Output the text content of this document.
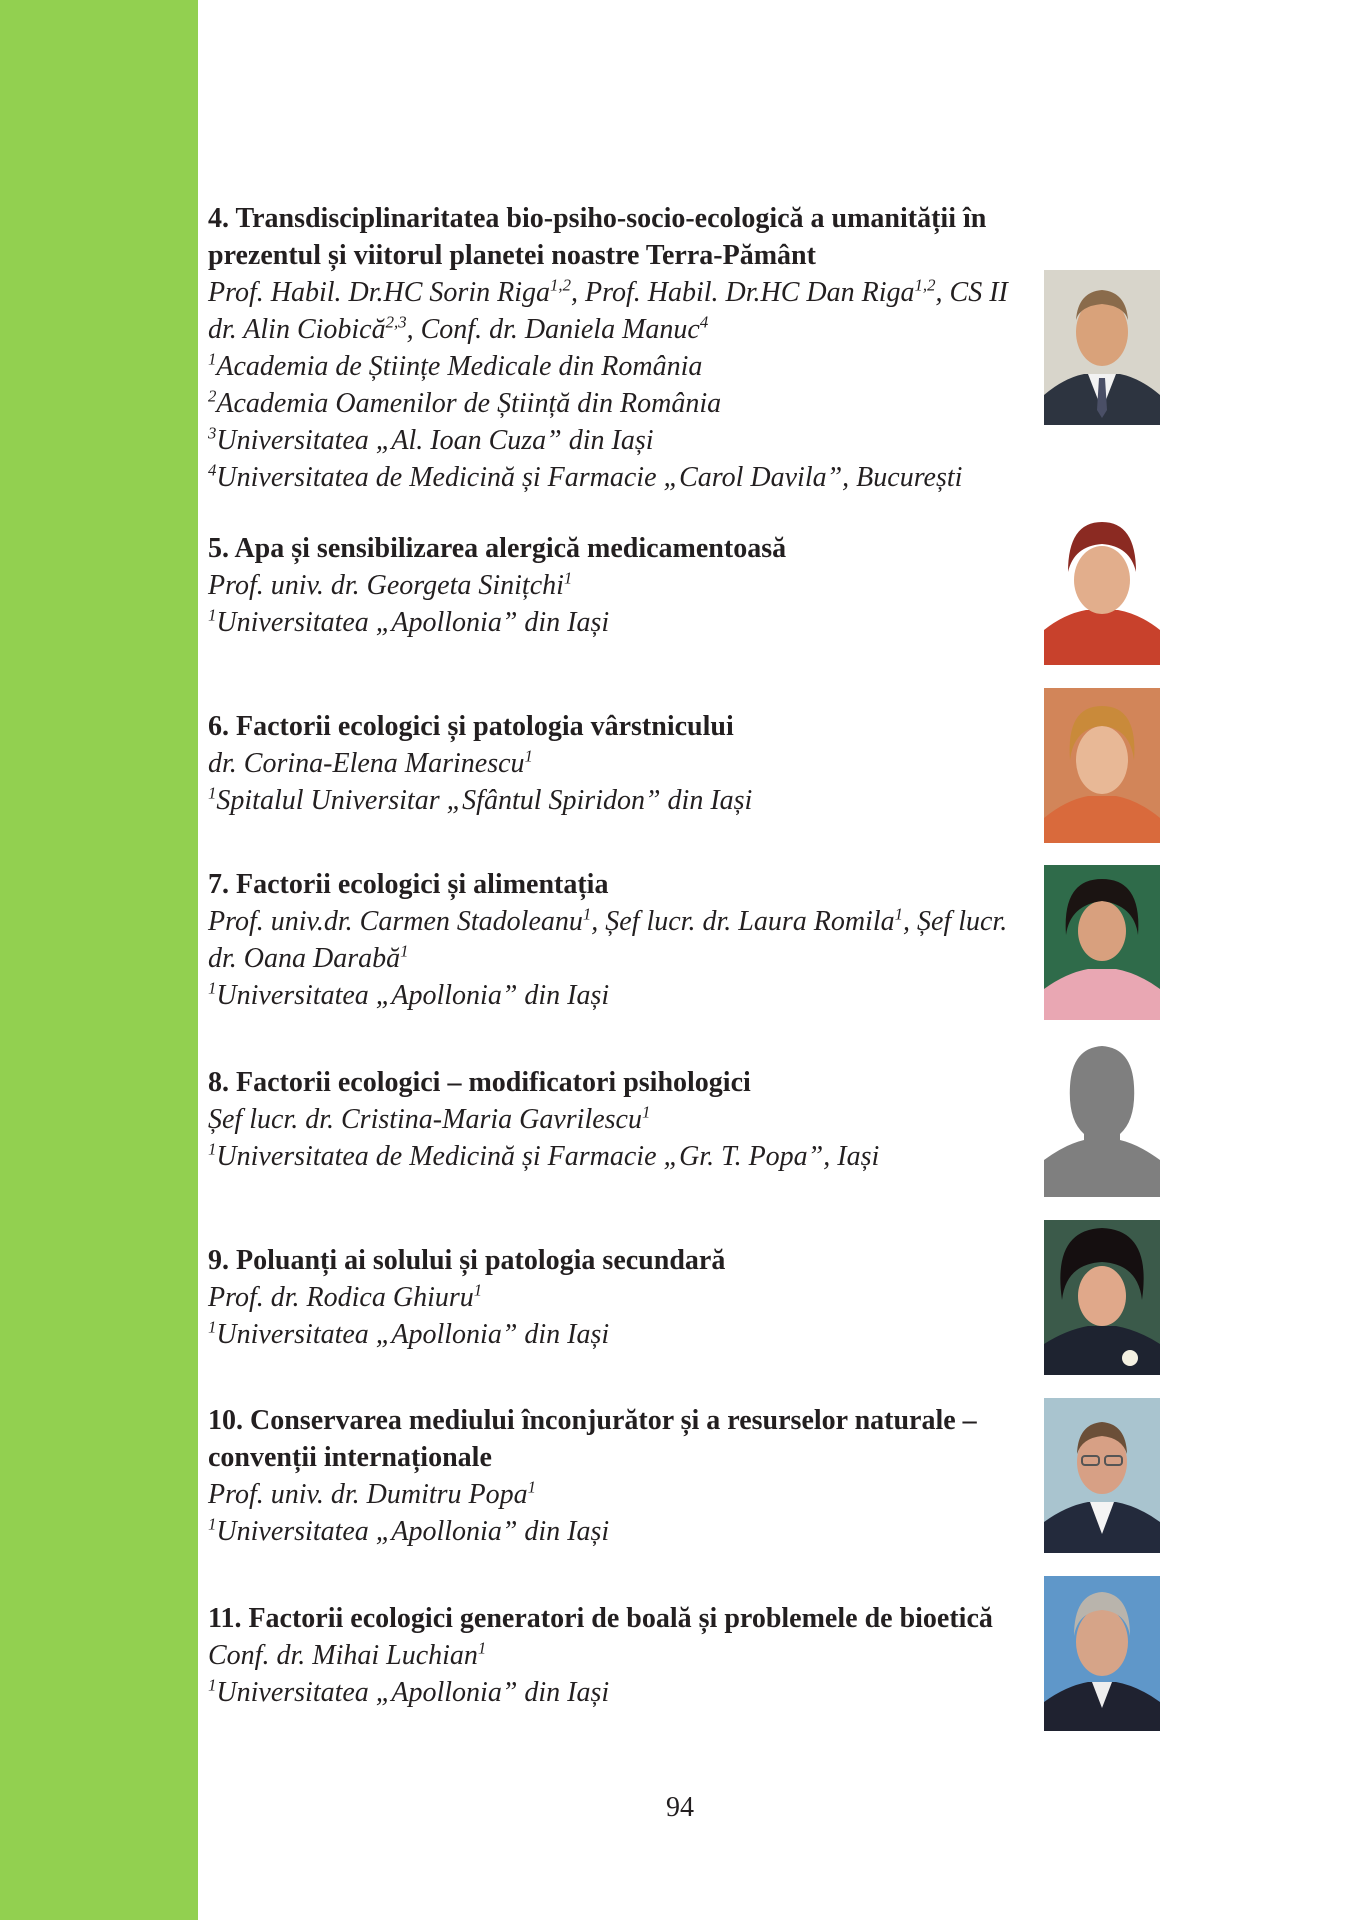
4. Transdisciplinaritatea bio-psiho-socio-ecologică a umanității în prezentul și viitorul planetei noastre Terra-Pământ
Prof. Habil. Dr.HC Sorin Riga$^{1,2}$, Prof. Habil. Dr.HC Dan Riga$^{1,2}$, CS II dr. Alin Ciobică$^{2,3}$, Conf. dr. Daniela Manuc$^4$
$^1$Academia de Științe Medicale din România
$^2$Academia Oamenilor de Știință din România
$^3$Universitatea „Al. Ioan Cuza” din Iași
$^4$Universitatea de Medicină și Farmacie „Carol Davila”, București
5. Apa și sensibilizarea alergică medicamentoasă
Prof. univ. dr. Georgeta Sinițchi$^1$
$^1$Universitatea „Apollonia” din Iași
6. Factorii ecologici și patologia vârstnicului
dr. Corina-Elena Marinescu$^1$
$^1$Spitalul Universitar „Sfântul Spiridon” din Iași
7. Factorii ecologici și alimentația
Prof. univ.dr. Carmen Stadoleanu$^1$, Șef lucr. dr. Laura Romila$^1$, Șef lucr. dr. Oana Darabă$^1$
$^1$Universitatea „Apollonia” din Iași
8. Factorii ecologici – modificatori psihologici
Șef lucr. dr. Cristina-Maria Gavrilescu$^1$
$^1$Universitatea de Medicină și Farmacie „Gr. T. Popa”, Iași
9. Poluanți ai solului și patologia secundară
Prof. dr. Rodica Ghiuru$^1$
$^1$Universitatea „Apollonia” din Iași
10. Conservarea mediului înconjurător și a resurselor naturale – convenții internaționale
Prof. univ. dr. Dumitru Popa$^1$
$^1$Universitatea „Apollonia” din Iași
11. Factorii ecologici generatori de boală și problemele de bioetică
Conf. dr. Mihai Luchian$^1$
$^1$Universitatea „Apollonia” din Iași
94
